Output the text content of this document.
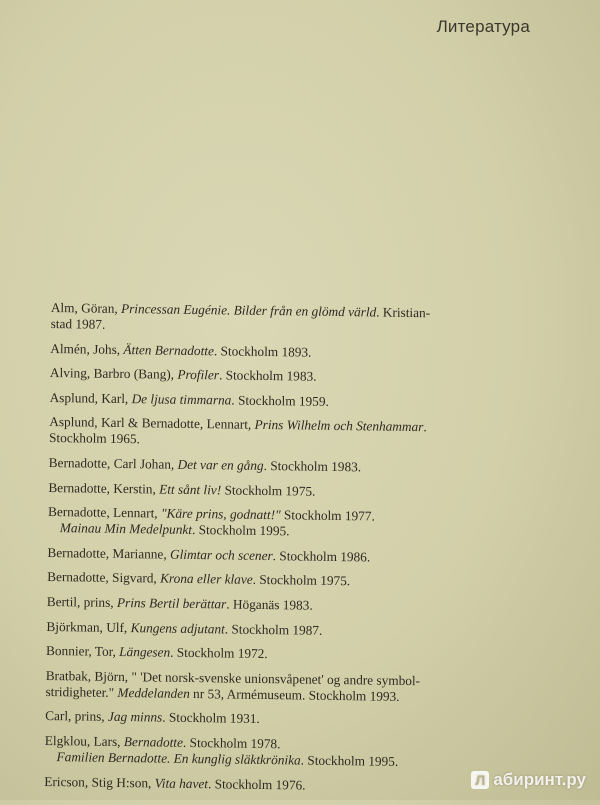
Литература
Alm, Göran, Princessan Eugénie. Bilder från en glömd värld. Kristian-
stad 1987.
Almén, Johs, Ätten Bernadotte. Stockholm 1893.
Alving, Barbro (Bang), Profiler. Stockholm 1983.
Asplund, Karl, De ljusa timmarna. Stockholm 1959.
Asplund, Karl & Bernadotte, Lennart, Prins Wilhelm och Stenhammar.
Stockholm 1965.
Bernadotte, Carl Johan, Det var en gång. Stockholm 1983.
Bernadotte, Kerstin, Ett sånt liv! Stockholm 1975.
Bernadotte, Lennart, "Käre prins, godnatt!" Stockholm 1977.
Mainau Min Medelpunkt. Stockholm 1995.
Bernadotte, Marianne, Glimtar och scener. Stockholm 1986.
Bernadotte, Sigvard, Krona eller klave. Stockholm 1975.
Bertil, prins, Prins Bertil berättar. Höganäs 1983.
Björkman, Ulf, Kungens adjutant. Stockholm 1987.
Bonnier, Tor, Längesen. Stockholm 1972.
Bratbak, Björn, " 'Det norsk-svenske unionsvåpenet' og andre symbol-
stridigheter." Meddelanden nr 53, Armémuseum. Stockholm 1993.
Carl, prins, Jag minns. Stockholm 1931.
Elgklou, Lars, Bernadotte. Stockholm 1978.
Familien Bernadotte. En kunglig släktkrönika. Stockholm 1995.
Ericson, Stig H:son, Vita havet. Stockholm 1976.	Л абиринт.ру
